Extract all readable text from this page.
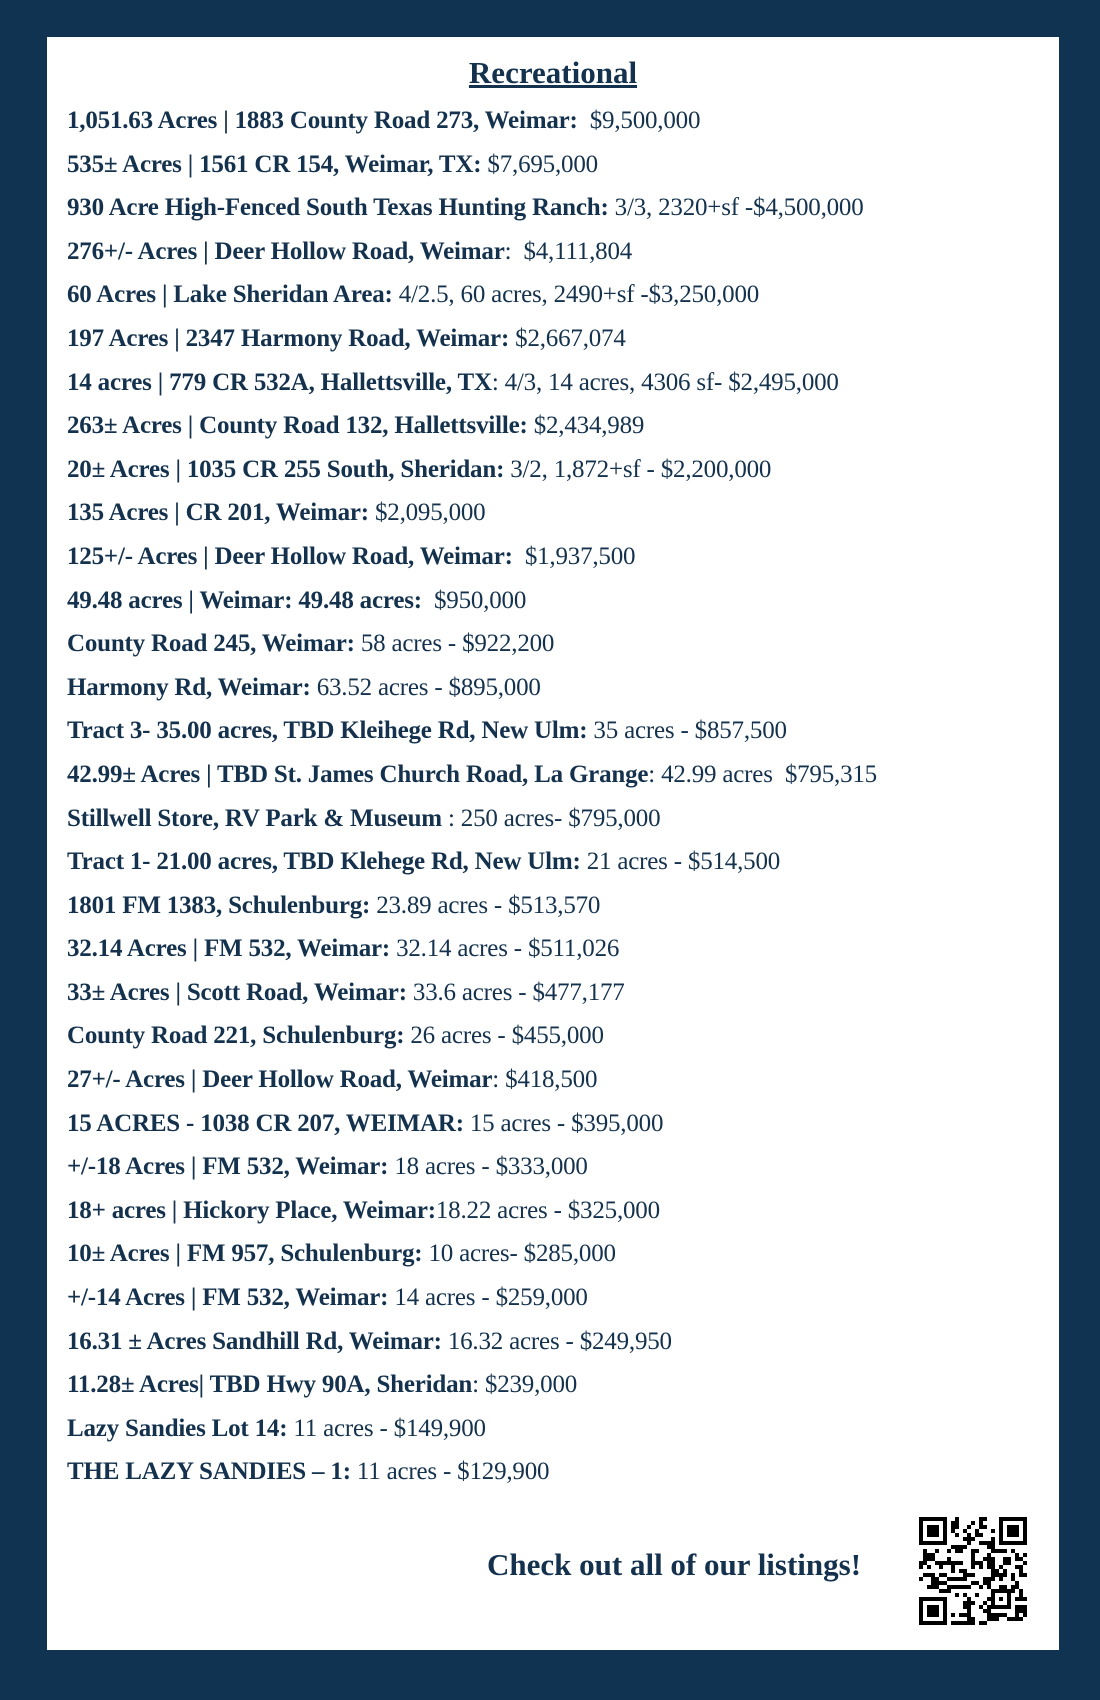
Recreational
1,051.63 Acres | 1883 County Road 273, Weimar:  $9,500,000
535± Acres | 1561 CR 154, Weimar, TX: $7,695,000
930 Acre High-Fenced South Texas Hunting Ranch: 3/3, 2320+sf -$4,500,000
276+/- Acres | Deer Hollow Road, Weimar:  $4,111,804
60 Acres | Lake Sheridan Area: 4/2.5, 60 acres, 2490+sf -$3,250,000
197 Acres | 2347 Harmony Road, Weimar: $2,667,074
14 acres | 779 CR 532A, Hallettsville, TX: 4/3, 14 acres, 4306 sf- $2,495,000
263± Acres | County Road 132, Hallettsville: $2,434,989
20± Acres | 1035 CR 255 South, Sheridan: 3/2, 1,872+sf - $2,200,000
135 Acres | CR 201, Weimar: $2,095,000
125+/- Acres | Deer Hollow Road, Weimar:  $1,937,500
49.48 acres | Weimar: 49.48 acres:  $950,000
County Road 245, Weimar: 58 acres - $922,200
Harmony Rd, Weimar: 63.52 acres - $895,000
Tract 3- 35.00 acres, TBD Kleihege Rd, New Ulm: 35 acres - $857,500
42.99± Acres | TBD St. James Church Road, La Grange: 42.99 acres  $795,315
Stillwell Store, RV Park & Museum : 250 acres- $795,000
Tract 1- 21.00 acres, TBD Klehege Rd, New Ulm: 21 acres - $514,500
1801 FM 1383, Schulenburg: 23.89 acres - $513,570
32.14 Acres | FM 532, Weimar: 32.14 acres - $511,026
33± Acres | Scott Road, Weimar: 33.6 acres - $477,177
County Road 221, Schulenburg: 26 acres - $455,000
27+/- Acres | Deer Hollow Road, Weimar: $418,500
15 ACRES - 1038 CR 207, WEIMAR: 15 acres - $395,000
+/-18 Acres | FM 532, Weimar: 18 acres - $333,000
18+ acres | Hickory Place, Weimar:18.22 acres - $325,000
10± Acres | FM 957, Schulenburg: 10 acres- $285,000
+/-14 Acres | FM 532, Weimar: 14 acres - $259,000
16.31 ± Acres Sandhill Rd, Weimar: 16.32 acres - $249,950
11.28± Acres| TBD Hwy 90A, Sheridan: $239,000
Lazy Sandies Lot 14: 11 acres - $149,900
THE LAZY SANDIES – 1: 11 acres - $129,900
Check out all of our listings!
